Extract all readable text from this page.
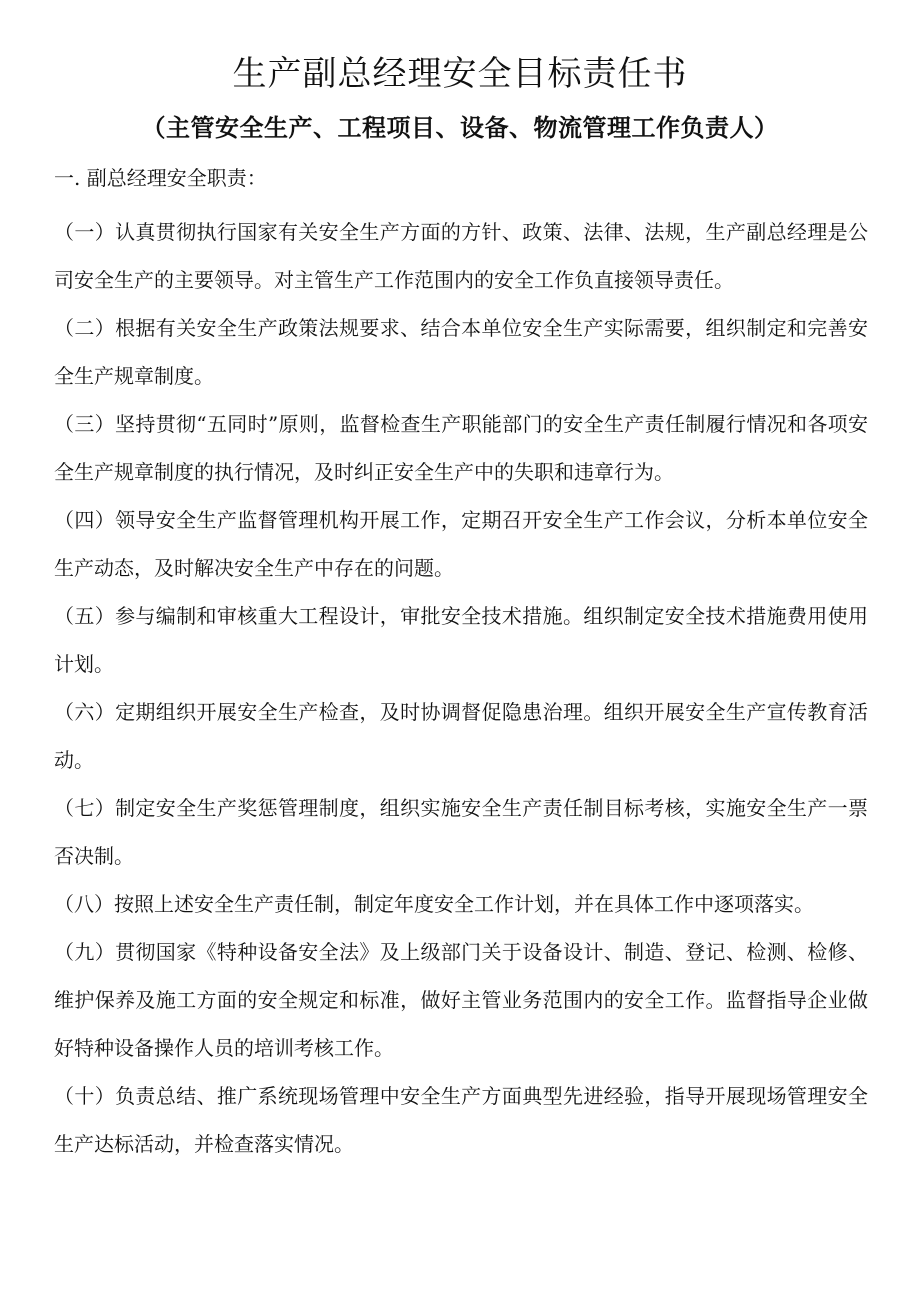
生产副总经理安全目标责任书
（主管安全生产、工程项目、设备、物流管理工作负责人）

一. 副总经理安全职责：

（一）认真贯彻执行国家有关安全生产方面的方针、政策、法律、法规，生产副总经理是公司安全生产的主要领导。对主管生产工作范围内的安全工作负直接领导责任。

（二）根据有关安全生产政策法规要求、结合本单位安全生产实际需要，组织制定和完善安全生产规章制度。

（三）坚持贯彻“五同时”原则，监督检查生产职能部门的安全生产责任制履行情况和各项安全生产规章制度的执行情况，及时纠正安全生产中的失职和违章行为。

（四）领导安全生产监督管理机构开展工作，定期召开安全生产工作会议，分析本单位安全生产动态，及时解决安全生产中存在的问题。

（五）参与编制和审核重大工程设计，审批安全技术措施。组织制定安全技术措施费用使用计划。

（六）定期组织开展安全生产检查，及时协调督促隐患治理。组织开展安全生产宣传教育活动。

（七）制定安全生产奖惩管理制度，组织实施安全生产责任制目标考核，实施安全生产一票否决制。

（八）按照上述安全生产责任制，制定年度安全工作计划，并在具体工作中逐项落实。

（九）贯彻国家《特种设备安全法》及上级部门关于设备设计、制造、登记、检测、检修、维护保养及施工方面的安全规定和标准，做好主管业务范围内的安全工作。监督指导企业做好特种设备操作人员的培训考核工作。

（十）负责总结、推广系统现场管理中安全生产方面典型先进经验，指导开展现场管理安全生产达标活动，并检查落实情况。
